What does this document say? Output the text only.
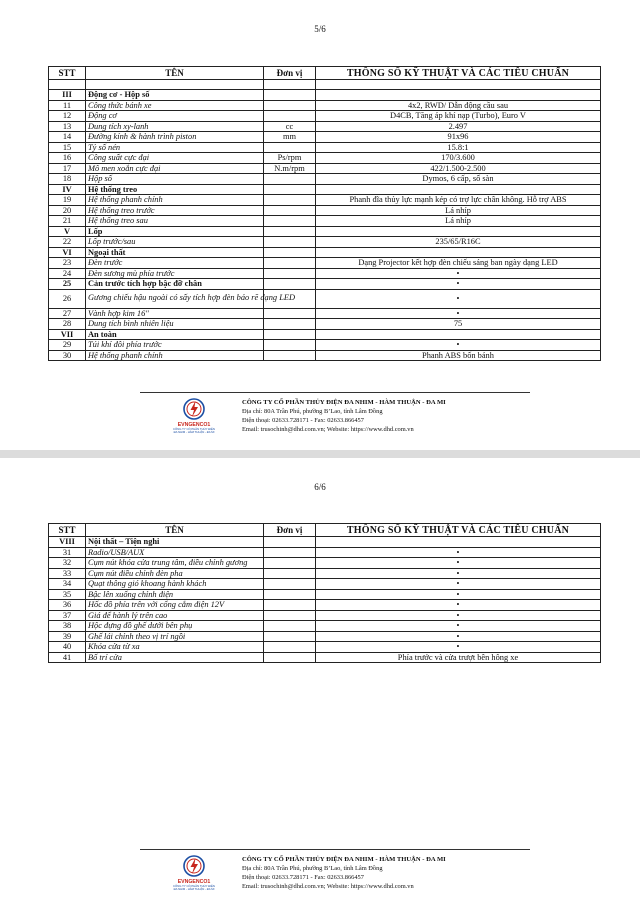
5/6
STT	TÊN	Đơn vị	THÔNG SỐ KỸ THUẬT VÀ CÁC TIÊU CHUẨN

III	Động cơ - Hộp số		
11	Công thức bánh xe		4x2, RWD/ Dẫn động cầu sau
12	Động cơ		D4CB, Tăng áp khí nạp (Turbo), Euro V
13	Dung tích xy-lanh	cc	2.497
14	Đường kính & hành trình piston	mm	91x96
15	Tỷ số nén		15.8:1
16	Công suất cực đại	Ps/rpm	170/3.600
17	Mô men xoắn cực đại	N.m/rpm	422/1.500-2.500
18	Hộp số		Dymos, 6 cấp, số sàn
IV	Hệ thống treo		
19	Hệ thống phanh chính		Phanh đĩa thủy lực mạnh kép có trợ lực chân không. Hỗ trợ ABS
20	Hệ thống treo trước		Lá nhíp
21	Hệ thống treo sau		Lá nhíp
V	Lốp		
22	Lốp trước/sau		235/65/R16C
VI	Ngoại thất		
23	Đèn trước		Dạng Projector kết hợp đèn chiếu sáng ban ngày dạng LED
24	Đèn sương mù phía trước		•
25	Cản trước tích hợp bậc đỡ chân		•
26	Gương chiếu hậu ngoài có sấy tích hợp đèn báo rẽ dạng LED		•
27	Vành hợp kim 16"		•
28	Dung tích bình nhiên liệu		75
VII	An toàn		
29	Túi khí đôi phía trước		•
30	Hệ thống phanh chính		Phanh ABS bốn bánh
EVNGENCO1
CÔNG TY CỔ PHẦN THỦY ĐIỆN
ĐA NHIM - HÀM THUẬN - ĐA MI
CÔNG TY CỔ PHẦN THỦY ĐIỆN ĐA NHIM - HÀM THUẬN - ĐA MI
Địa chỉ: 80A Trần Phú, phường B’Lao, tỉnh Lâm Đồng
Điện thoại: 02633.728171 - Fax: 02633.866457
Email: trusochinh@dhd.com.vn; Website: https://www.dhd.com.vn
6/6
STT	TÊN	Đơn vị	THÔNG SỐ KỸ THUẬT VÀ CÁC TIÊU CHUẨN
VIII	Nội thất – Tiện nghi		
31	Radio/USB/AUX		•
32	Cụm nút khóa cửa trung tâm, điều chỉnh gương		•
33	Cụm nút điều chỉnh đèn pha		•
34	Quạt thông gió khoang hành khách		•
35	Bậc lên xuống chỉnh điện		•
36	Hốc đồ phía trên với cổng cắm điện 12V		•
37	Giá để hành lý trên cao		•
38	Hộc đựng đồ ghế dưới bên phụ		•
39	Ghế lái chỉnh theo vị trí ngồi		•
40	Khóa cửa từ xa		•
41	Bố trí cửa		Phía trước và cửa trượt bên hông xe
EVNGENCO1
CÔNG TY CỔ PHẦN THỦY ĐIỆN
ĐA NHIM - HÀM THUẬN - ĐA MI
CÔNG TY CỔ PHẦN THỦY ĐIỆN ĐA NHIM - HÀM THUẬN - ĐA MI
Địa chỉ: 80A Trần Phú, phường B’Lao, tỉnh Lâm Đồng
Điện thoại: 02633.728171 - Fax: 02633.866457
Email: trusochinh@dhd.com.vn; Website: https://www.dhd.com.vn
